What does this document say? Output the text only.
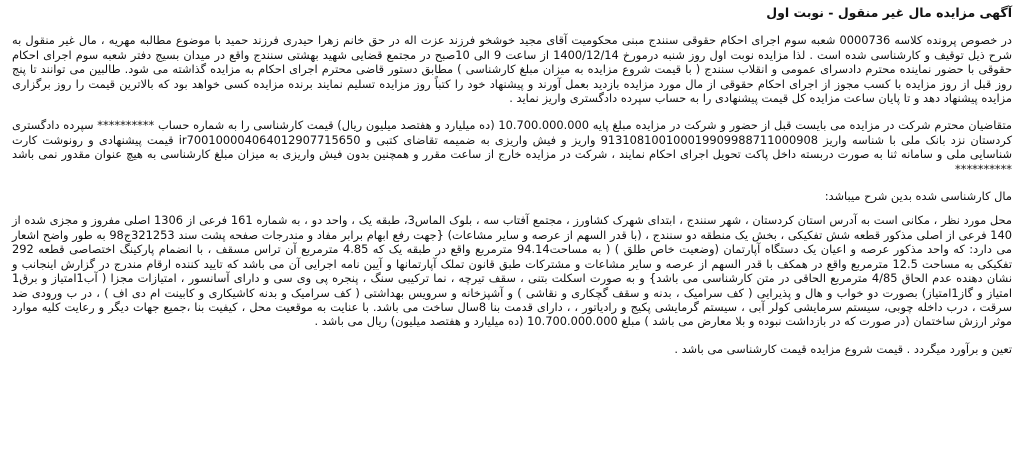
آگهی مزایده مال غیر منقول - نوبت اول

در خصوص پرونده کلاسه 0000736 شعبه سوم اجرای احکام حقوقی سنندج مبنی محکومیت آقای مجید خوشخو فرزند عزت اله در حق خانم زهرا حیدری فرزند حمید با موضوع مطالبه مهریه ، مال غیر منقول به شرح ذیل توقیف و کارشناسی شده است . لذا مزایده نوبت اول روز شنبه درمورخ 1400/12/14 از ساعت 9 الی 10صبح در مجتمع قضایی شهید بهشتی سنندج واقع در میدان بسیج دفتر شعبه سوم اجرای احکام حقوقی با حضور نماینده محترم دادسرای عمومی و انقلاب سنندج ( با قیمت شروع مزایده به میزان مبلغ کارشناسی ) مطابق دستور قاضی محترم اجرای احکام به مزایده گذاشته می شود. طالبین می توانند تا پنج روز قبل از روز مزایده با کسب مجوز از اجرای احکام حقوقی از مال مورد مزایده بازدید بعمل آورند و پیشنهاد خود را کتباً روز مزایده تسلیم نمایند برنده مزایده کسی خواهد بود که بالاترین قیمت را روز برگزاری مزایده پیشنهاد دهد و تا پایان ساعت مزایده کل قیمت پیشنهادی را به حساب سپرده دادگستری واریز نماید .

متقاضیان محترم شرکت در مزایده می بایست قبل از حضور و شرکت در مزایده مبلغ پایه 10.700.000.000 (ده میلیارد و هفتصد میلیون ریال) قیمت کارشناسی را به شماره حساب ********** سپرده دادگستری کردستان نزد بانک ملی با شناسه واریز 913108100100019909988711000908 واریز و فیش واریزی به ضمیمه تقاضای کتبی و ir700100004064012907715650 قیمت پیشنهادی و رونوشت کارت شناسایی ملی و سامانه ثنا به صورت دربسته داخل پاکت تحویل اجرای احکام نمایند ، شرکت در مزایده خارج از ساعت مقرر و همچنین بدون فیش واریزی به میزان مبلغ کارشناسی به هیچ عنوان مقدور نمی باشد **********

مال کارشناسی شده بدین شرح میباشد:

محل مورد نظر ، مکانی است به آدرس استان کردستان ، شهر سنندج ، ابتدای شهرک کشاورز ، مجتمع آفتاب سه ، بلوک الماس3، طبقه یک ، واحد دو ، به شماره 161 فرعی از 1306 اصلی مفروز و مجزی شده از 140 فرعی از اصلی مذکور قطعه شش تفکیکی ، بخش یک منطقه دو سنندج ، (با قدر السهم از عرصه و سایر مشاعات) {جهت رفع ابهام برابر مفاد و مندرجات صفحه پشت سند 321253ج98 به طور واضح اشعار می دارد: که واحد مذکور عرصه و اعیان یک دستگاه آپارتمان (وضعیت خاص طلق ) ( به مساحت94.14 مترمربع واقع در طبقه یک که 4.85 مترمربع آن تراس مسقف ، با انضمام پارکینگ اختصاصی قطعه 292 تفکیکی به مساحت 12.5 مترمربع واقع در همکف با قدر السهم از عرصه و سایر مشاعات و مشترکات طبق قانون تملک آپارتمانها و آیین نامه اجرایی آن می باشد که تایید کننده ارقام مندرج در گزارش اینجانب و نشان دهنده عدم الحاق 4/85 مترمربع الحاقی در متن کارشناسی می باشد} و به صورت اسکلت بتنی ، سقف تیرچه ، نما ترکیبی سنگ ، پنجره پی وی سی و دارای آسانسور ، امتیازات مجزا ( آب1امتیاز و برق1 امتیاز و گاز1امتیاز) بصورت دو خواب و هال و پذیرایی ( کف سرامیک ، بدنه و سقف گچکاری و نقاشی ) و آشپزخانه و سرویس بهداشتی ( کف سرامیک و بدنه کاشیکاری و کابینت ام دی اف ) ، در ب ورودی ضد سرقت ، درب داخله چوبی، سیستم سرمایشی کولر آبی ، سیستم گرمایشی پکیج و رادیاتور ، ، دارای قدمت بنا 8سال ساخت می باشد. با عنایت به موقعیت محل ، کیفیت بنا ،جمیع جهات دیگر و رعایت کلیه موارد موثر ارزش ساختمان (در صورت که در بازداشت نبوده و بلا معارض می باشد ) مبلغ 10.700.000.000 (ده میلیارد و هفتصد میلیون) ریال می باشد .

تعین و برآورد میگردد . قیمت شروع مزایده قیمت کارشناسی می باشد .
